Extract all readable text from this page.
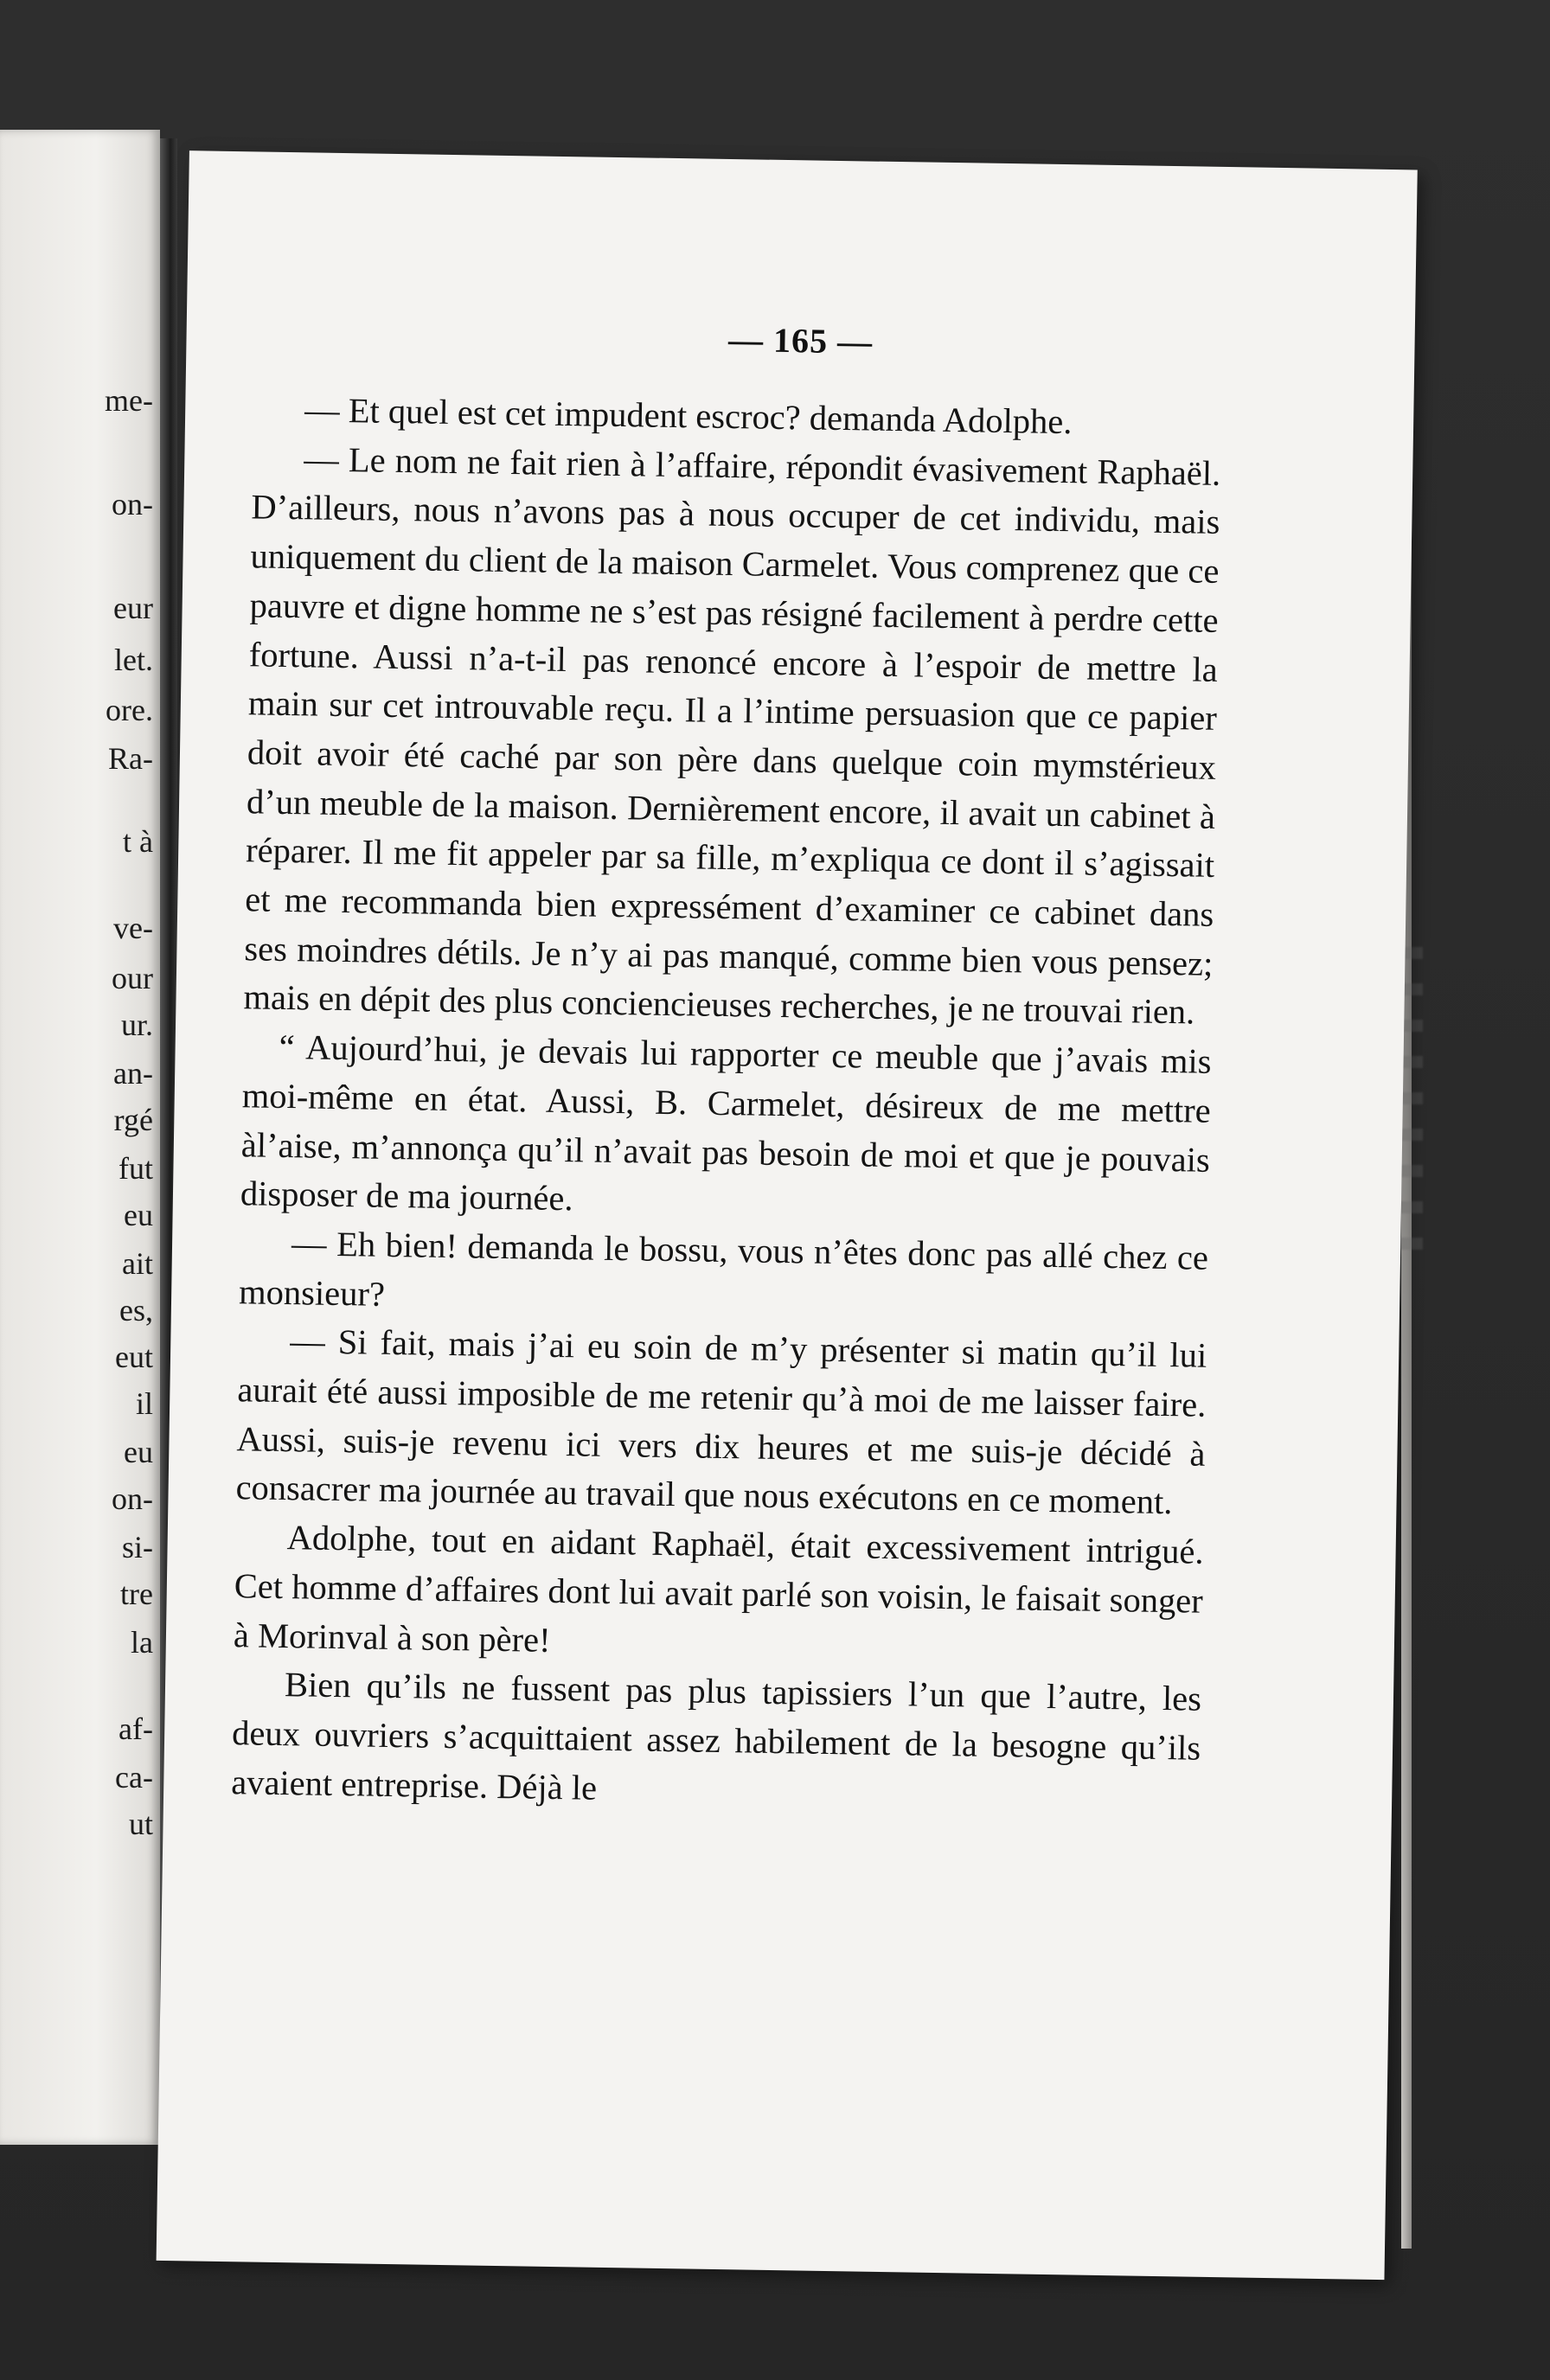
me-
on-
eur
let.
ore.
Ra-
t à
ve-
our
ur.
an-
rgé
fut
eu
ait
es,
eut
il
eu
on-
si-
tre
la
af-
ca-
ut
— 165 —

— Et quel est cet impudent escroc? demanda Adolphe.

— Le nom ne fait rien à l’affaire, répondit évasivement Raphaël. D’ailleurs, nous n’avons pas à nous occuper de cet individu, mais uniquement du client de la maison Carmelet. Vous comprenez que ce pauvre et digne homme ne s’est pas résigné facilement à perdre cette fortune. Aussi n’a-t-il pas renoncé encore à l’espoir de mettre la main sur cet introuvable reçu. Il a l’intime persuasion que ce papier doit avoir été caché par son père dans quelque coin mymstérieux d’un meuble de la maison. Dernièrement encore, il avait un cabinet à réparer. Il me fit appeler par sa fille, m’expliqua ce dont il s’agissait et me recommanda bien expressément d’examiner ce cabinet dans ses moindres détils. Je n’y ai pas manqué, comme bien vous pensez; mais en dépit des plus conciencieuses recherches, je ne trouvai rien.

“ Aujourd’hui, je devais lui rapporter ce meuble que j’avais mis moi-même en état. Aussi, B. Carmelet, désireux de me mettre àl’aise, m’annonça qu’il n’avait pas besoin de moi et que je pouvais disposer de ma journée.

— Eh bien! demanda le bossu, vous n’êtes donc pas allé chez ce monsieur?

— Si fait, mais j’ai eu soin de m’y présenter si matin qu’il lui aurait été aussi imposible de me retenir qu’à moi de me laisser faire. Aussi, suis-je revenu ici vers dix heures et me suis-je décidé à consacrer ma journée au travail que nous exécutons en ce moment.

Adolphe, tout en aidant Raphaël, était excessivement intrigué. Cet homme d’affaires dont lui avait parlé son voisin, le faisait songer à Morinval à son père!

Bien qu’ils ne fussent pas plus tapissiers l’un que l’autre, les deux ouvriers s’acquittaient assez habilement de la besogne qu’ils avaient entreprise. Déjà le
